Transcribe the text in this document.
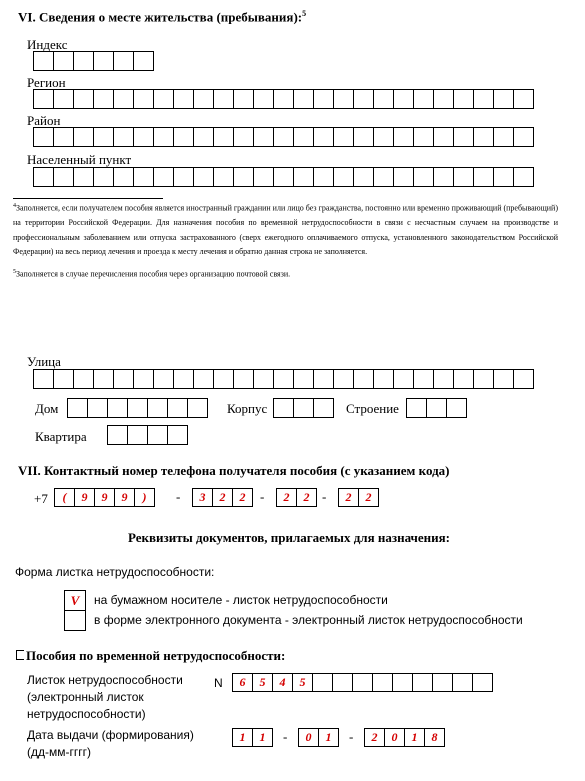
VI. Сведения о месте жительства (пребывания):$^5$
Индекс
Регион
Район
Населенный пункт
$^4$Заполняется, если получателем пособия является иностранный гражданин или лицо без гражданства, постоянно или временно проживающий (пребывающий) на территории Российской Федерации. Для назначения пособия по временной нетрудоспособности в связи с несчастным случаем на производстве и профессиональным заболеванием или отпуска застрахованного (сверх ежегодного оплачиваемого отпуска, установленного законодательством Российской Федерации) на весь период лечения и проезда к месту лечения и обратно данная строка не заполняется.
$^5$Заполняется в случае перечисления пособия через организацию почтовой связи.
Улица
Дом	Корпус	Строение
Квартира
VII. Контактный номер телефона получателя пособия (с указанием кода)
+7	(	9	9	9	)	-	3	2	2	-	2	2 -	2	2
Реквизиты документов, прилагаемых для назначения:
Форма листка нетрудоспособности:
V	на бумажном носителе - листок нетрудоспособности
в форме электронного документа - электронный листок нетрудоспособности
Пособия по временной нетрудоспособности:
Листок нетрудоспособности
(электронный листок
нетрудоспособности)
N	6	5	4	5
Дата выдачи (формирования)
(дд-мм-гггг)
1	1	-	0	1	-	2	0	1	8
